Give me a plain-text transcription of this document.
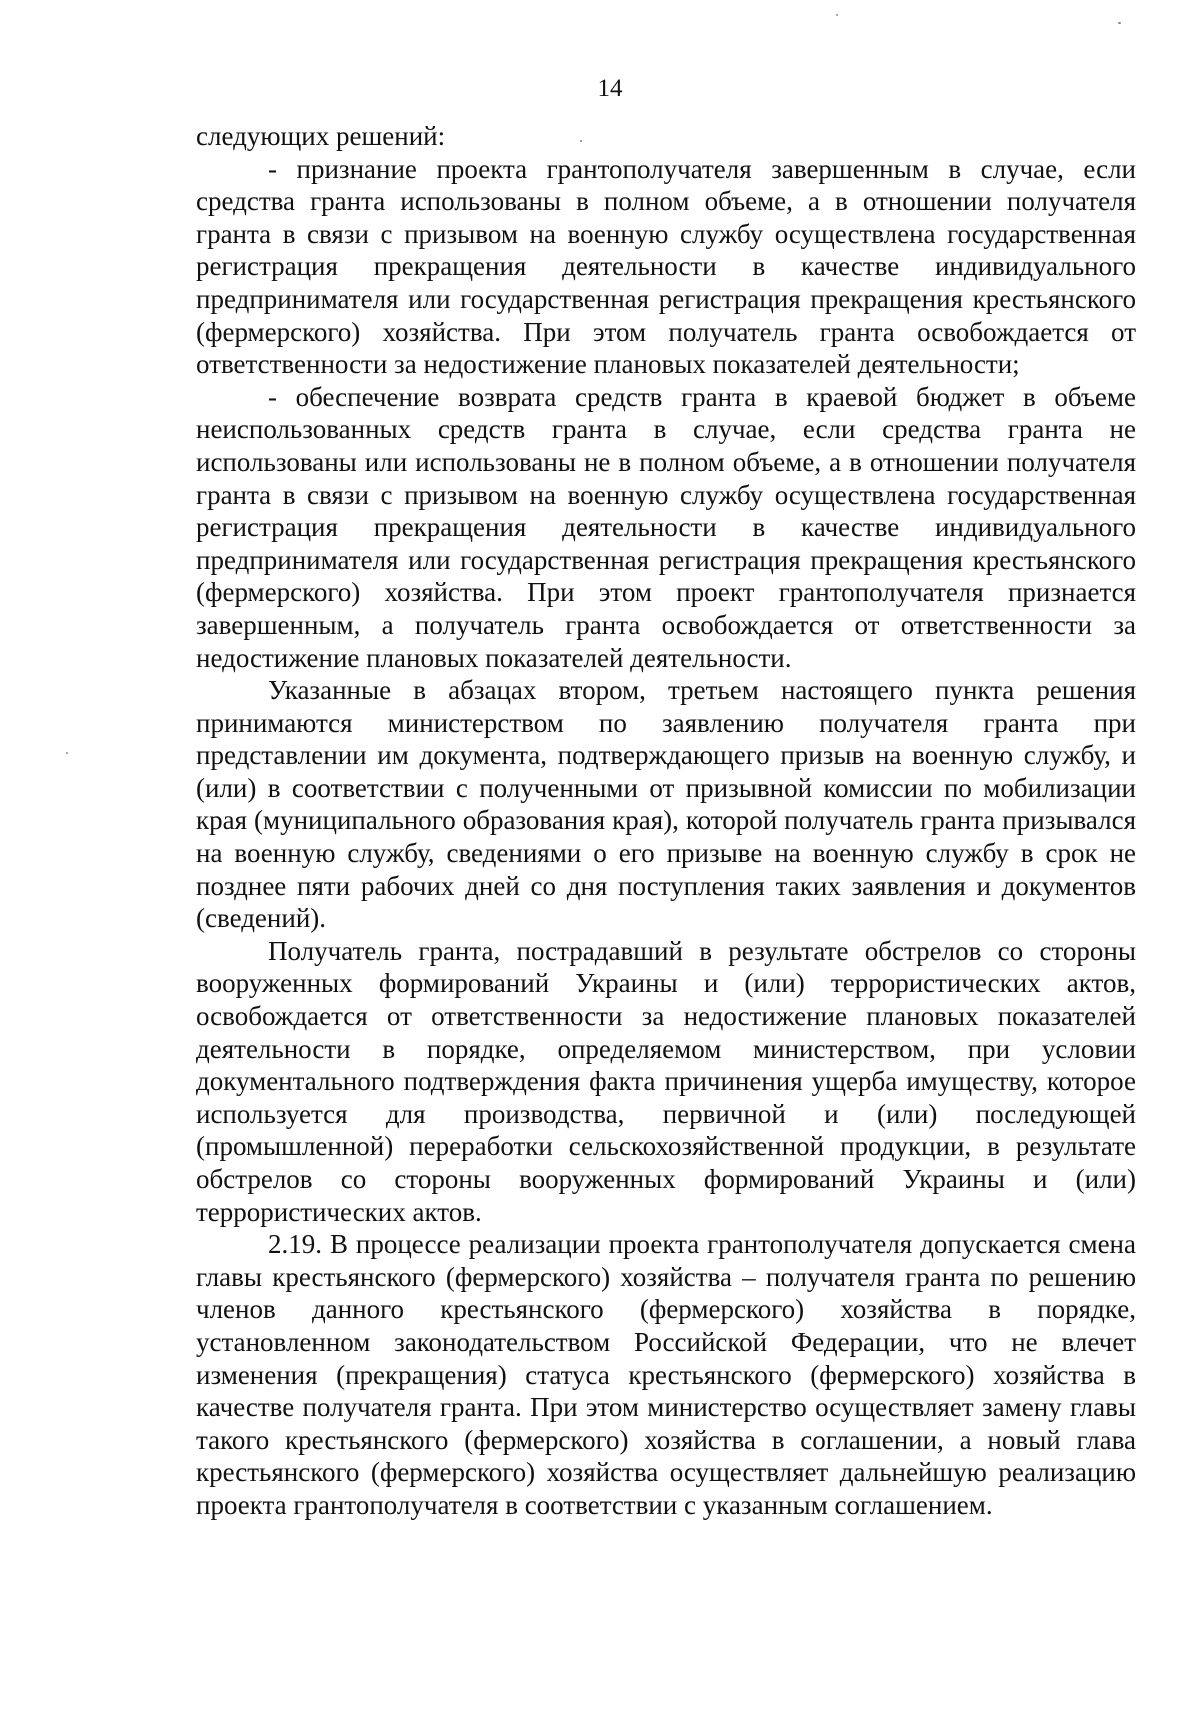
14

следующих решений:

- признание проекта грантополучателя завершенным в случае, если средства гранта использованы в полном объеме, а в отношении получателя гранта в связи с призывом на военную службу осуществлена государственная регистрация прекращения деятельности в качестве индивидуального предпринимателя или государственная регистрация прекращения крестьянского (фермерского) хозяйства. При этом получатель гранта освобождается от ответственности за недостижение плановых показателей деятельности;

- обеспечение возврата средств гранта в краевой бюджет в объеме неиспользованных средств гранта в случае, если средства гранта не использованы или использованы не в полном объеме, а в отношении получателя гранта в связи с призывом на военную службу осуществлена государственная регистрация прекращения деятельности в качестве индивидуального предпринимателя или государственная регистрация прекращения крестьянского (фермерского) хозяйства. При этом проект грантополучателя признается завершенным, а получатель гранта освобождается от ответственности за недостижение плановых показателей деятельности.

Указанные в абзацах втором, третьем настоящего пункта решения принимаются министерством по заявлению получателя гранта при представлении им документа, подтверждающего призыв на военную службу, и (или) в соответствии с полученными от призывной комиссии по мобилизации края (муниципального образования края), которой получатель гранта призывался на военную службу, сведениями о его призыве на военную службу в срок не позднее пяти рабочих дней со дня поступления таких заявления и документов (сведений).

Получатель гранта, пострадавший в результате обстрелов со стороны вооруженных формирований Украины и (или) террористических актов, освобождается от ответственности за недостижение плановых показателей деятельности в порядке, определяемом министерством, при условии документального подтверждения факта причинения ущерба имуществу, которое используется для производства, первичной и (или) последующей (промышленной) переработки сельскохозяйственной продукции, в результате обстрелов со стороны вооруженных формирований Украины и (или) террористических актов.

2.19. В процессе реализации проекта грантополучателя допускается смена главы крестьянского (фермерского) хозяйства – получателя гранта по решению членов данного крестьянского (фермерского) хозяйства в порядке, установленном законодательством Российской Федерации, что не влечет изменения (прекращения) статуса крестьянского (фермерского) хозяйства в качестве получателя гранта. При этом министерство осуществляет замену главы такого крестьянского (фермерского) хозяйства в соглашении, а новый глава крестьянского (фермерского) хозяйства осуществляет дальнейшую реализацию проекта грантополучателя в соответствии с указанным соглашением.
